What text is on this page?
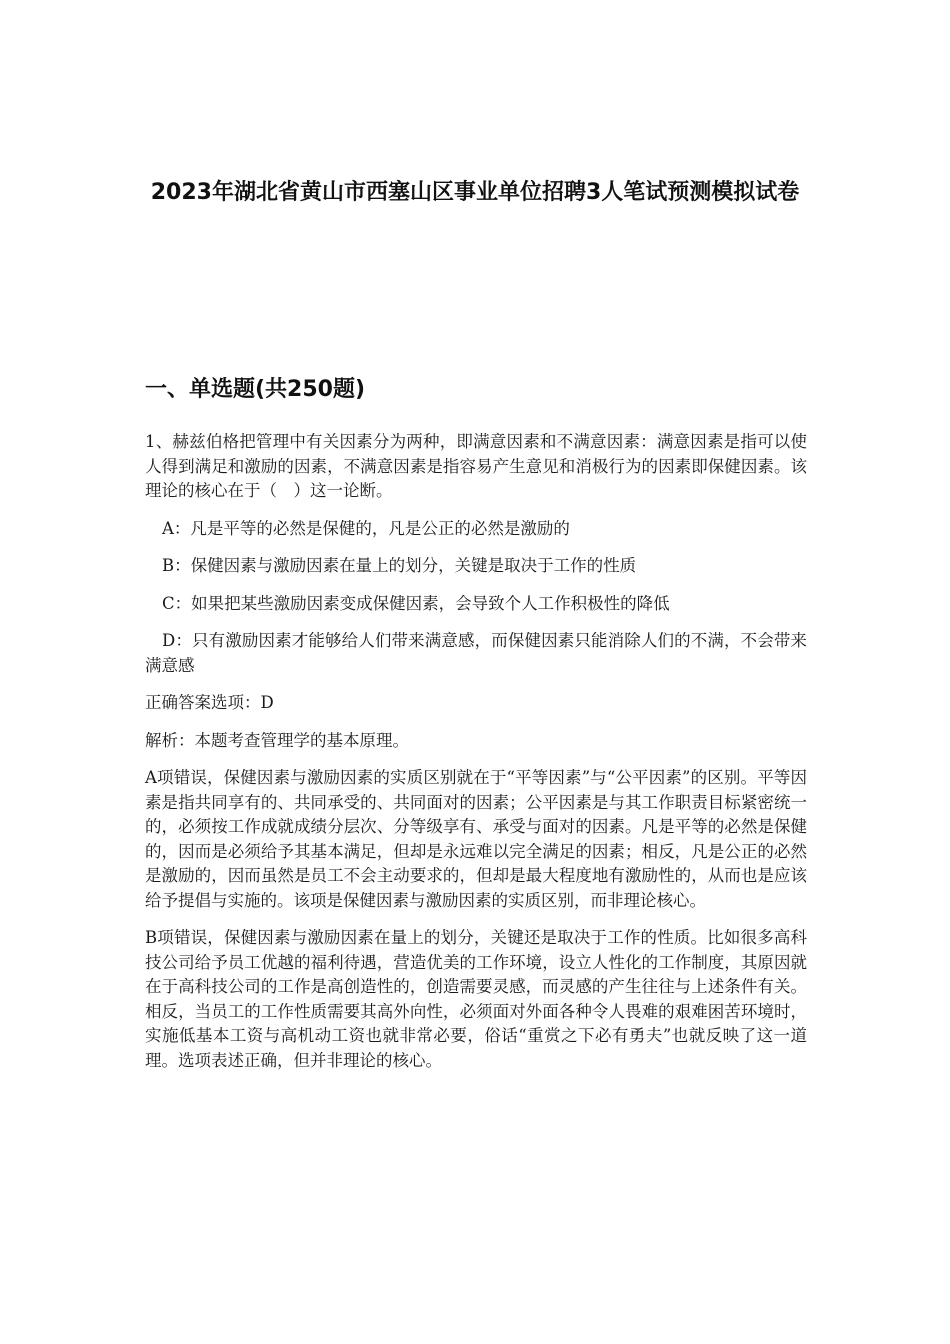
2023年湖北省黄山市西塞山区事业单位招聘3人笔试预测模拟试卷
一、单选题(共250题)

1、赫兹伯格把管理中有关因素分为两种，即满意因素和不满意因素：满意因素是指可以使人得到满足和激励的因素，不满意因素是指容易产生意见和消极行为的因素即保健因素。该理论的核心在于（　）这一论断。

A：凡是平等的必然是保健的，凡是公正的必然是激励的

B：保健因素与激励因素在量上的划分，关键是取决于工作的性质

C：如果把某些激励因素变成保健因素，会导致个人工作积极性的降低

D：只有激励因素才能够给人们带来满意感，而保健因素只能消除人们的不满，不会带来满意感

正确答案选项：D

解析：本题考查管理学的基本原理。

A项错误，保健因素与激励因素的实质区别就在于“平等因素”与“公平因素”的区别。平等因素是指共同享有的、共同承受的、共同面对的因素；公平因素是与其工作职责目标紧密统一的，必须按工作成就成绩分层次、分等级享有、承受与面对的因素。凡是平等的必然是保健的，因而是必须给予其基本满足，但却是永远难以完全满足的因素；相反，凡是公正的必然是激励的，因而虽然是员工不会主动要求的，但却是最大程度地有激励性的，从而也是应该给予提倡与实施的。该项是保健因素与激励因素的实质区别，而非理论核心。

B项错误，保健因素与激励因素在量上的划分，关键还是取决于工作的性质。比如很多高科技公司给予员工优越的福利待遇，营造优美的工作环境，设立人性化的工作制度，其原因就在于高科技公司的工作是高创造性的，创造需要灵感，而灵感的产生往往与上述条件有关。相反，当员工的工作性质需要其高外向性，必须面对外面各种令人畏难的艰难困苦环境时，实施低基本工资与高机动工资也就非常必要，俗话“重赏之下必有勇夫”也就反映了这一道理。选项表述正确，但并非理论的核心。
